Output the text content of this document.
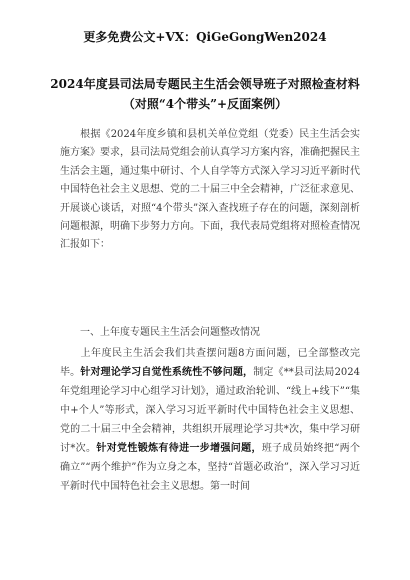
更多免费公文+VX：QiGeGongWen2024
2024年度县司法局专题民主生活会领导班子对照检查材料
（对照“4个带头”+反面案例）
根据《2024年度乡镇和县机关单位党组（党委）民主生活会实施方案》要求，县司法局党组会前认真学习方案内容，准确把握民主生活会主题，通过集中研讨、个人自学等方式深入学习习近平新时代中国特色社会主义思想、党的二十届三中全会精神，广泛征求意见、开展谈心谈话，对照“4个带头”深入查找班子存在的问题，深刻剖析问题根源，明确下步努力方向。下面，我代表局党组将对照检查情况汇报如下：
一、上年度专题民主生活会问题整改情况
上年度民主生活会我们共查摆问题8方面问题，已全部整改完毕。针对理论学习自觉性系统性不够问题，制定《**县司法局2024年党组理论学习中心组学习计划》，通过政治轮训、“线上+线下”“集中+个人”等形式，深入学习习近平新时代中国特色社会主义思想、党的二十届三中全会精神，共组织开展理论学习共*次，集中学习研讨*次。针对党性锻炼有待进一步增强问题，班子成员始终把“两个确立”“两个维护”作为立身之本，坚持“首题必政治”，深入学习习近平新时代中国特色社会主义思想。第一时间
